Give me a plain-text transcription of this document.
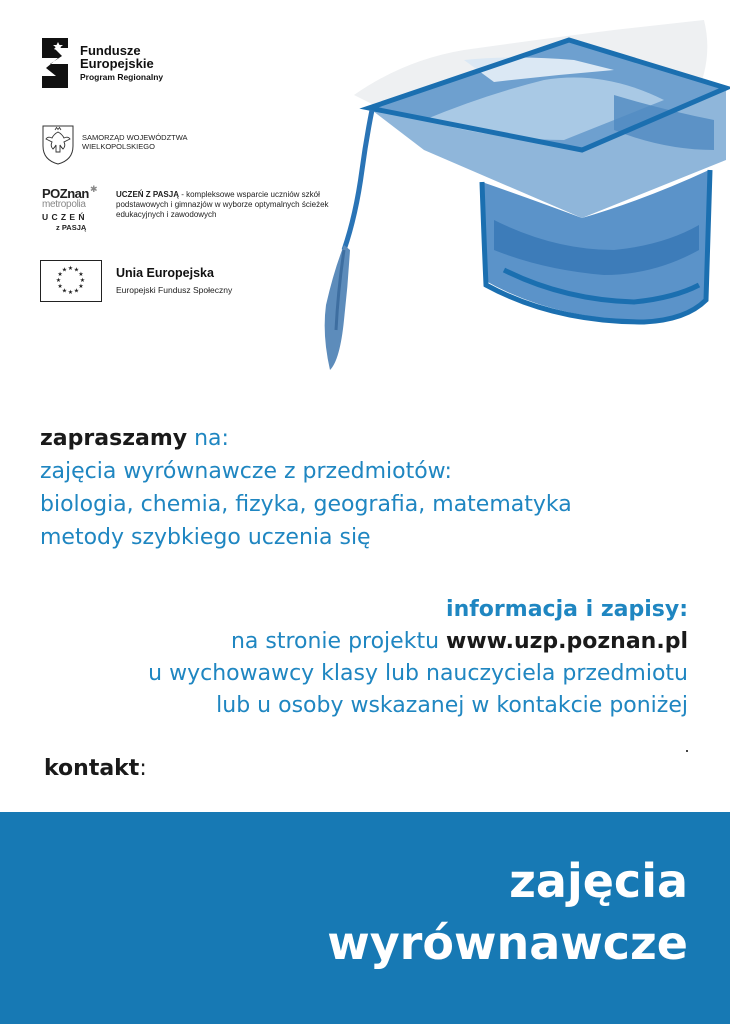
Fundusze
Europejskie
Program Regionalny
SAMORZĄD WOJEWÓDZTWA
WIELKOPOLSKIEGO
POZnan ✱
metropolia
UCZEŃ
z PASJĄ
UCZEŃ Z PASJĄ - kompleksowe wsparcie uczniów szkół podstawowych i gimnazjów w wyborze optymalnych ścieżek edukacyjnych i zawodowych
★ ★
★
★
★
★
★
★
★
★
★
★	Unia Europejska
Europejski Fundusz Społeczny
zapraszamy na:
zajęcia wyrównawcze z przedmiotów:
biologia, chemia, fizyka, geografia, matematyka
metody szybkiego uczenia się
informacja i zapisy:
na stronie projektu www.uzp.poznan.pl
u wychowawcy klasy lub nauczyciela przedmiotu
lub u osoby wskazanej w kontakcie poniżej
kontakt:
zajęcia
wyrównawcze
